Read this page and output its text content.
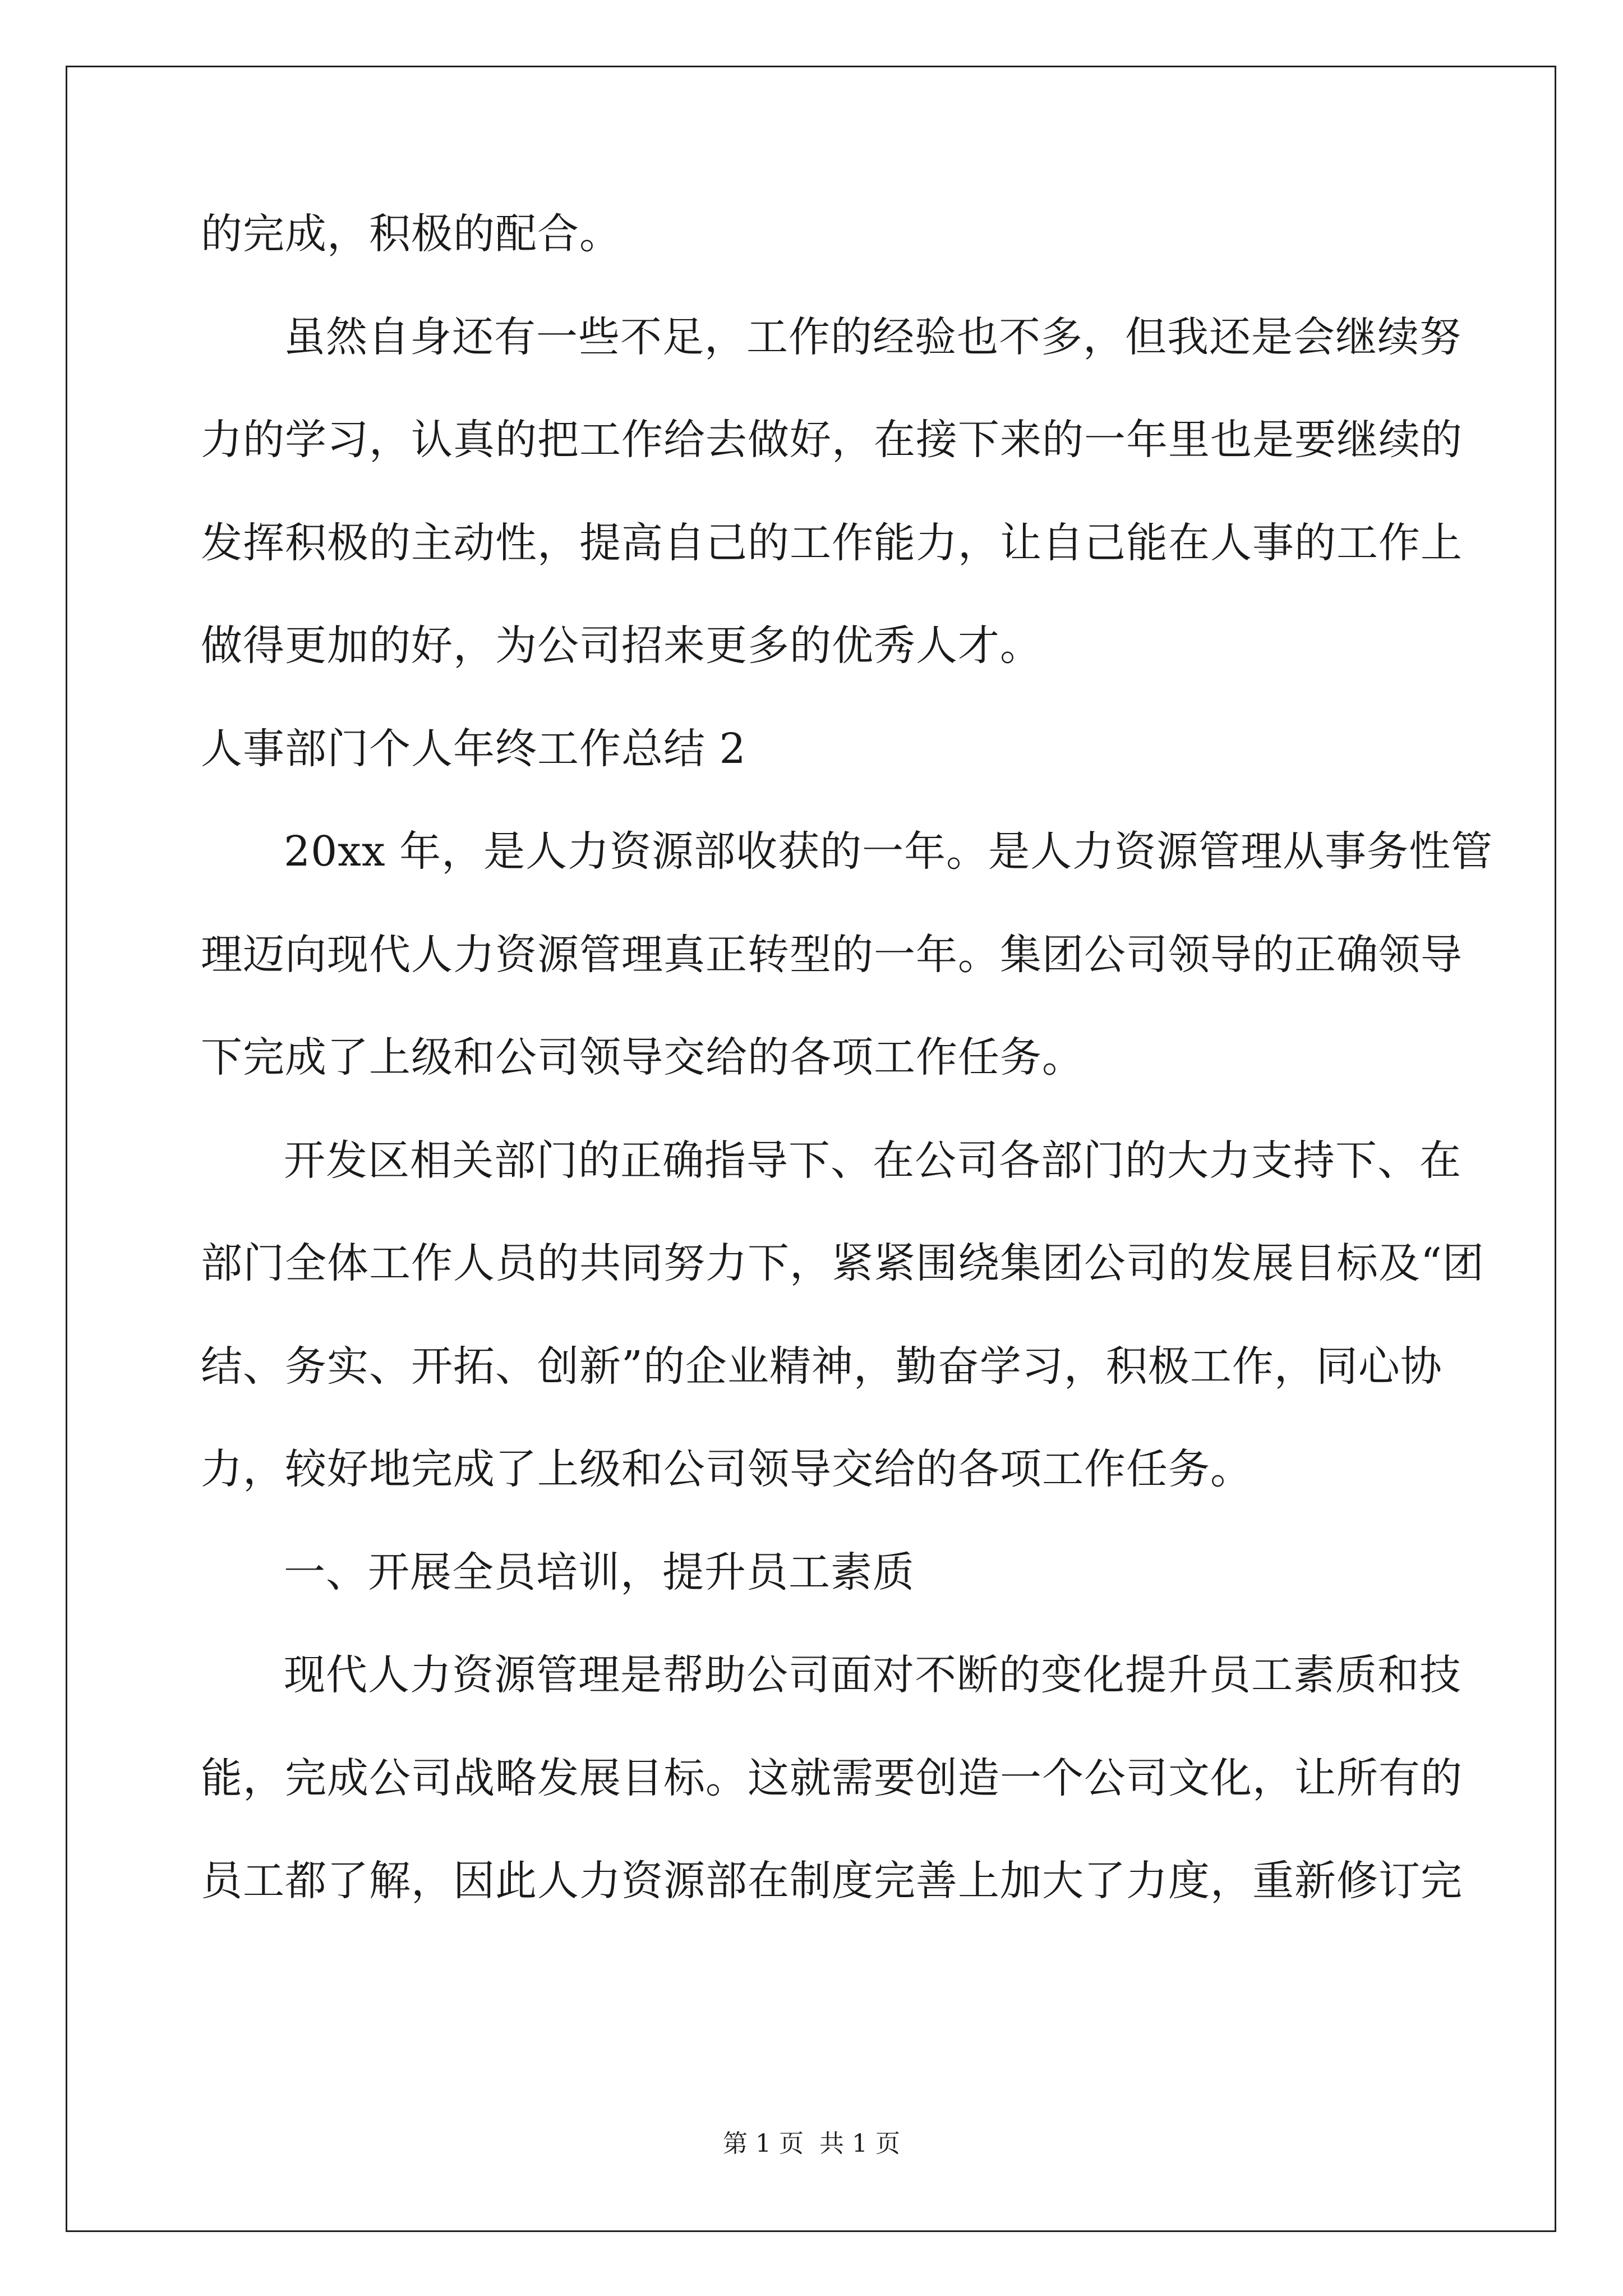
的完成，积极的配合。
虽然自身还有一些不足，工作的经验也不多，但我还是会继续努
力的学习，认真的把工作给去做好，在接下来的一年里也是要继续的
发挥积极的主动性，提高自己的工作能力，让自己能在人事的工作上
做得更加的好，为公司招来更多的优秀人才。
人事部门个人年终工作总结 2
20xx 年，是人力资源部收获的一年。是人力资源管理从事务性管
理迈向现代人力资源管理真正转型的一年。集团公司领导的正确领导
下完成了上级和公司领导交给的各项工作任务。
开发区相关部门的正确指导下、在公司各部门的大力支持下、在
部门全体工作人员的共同努力下，紧紧围绕集团公司的发展目标及“团
结、务实、开拓、创新”的企业精神，勤奋学习，积极工作，同心协
力，较好地完成了上级和公司领导交给的各项工作任务。
一、开展全员培训，提升员工素质
现代人力资源管理是帮助公司面对不断的变化提升员工素质和技
能，完成公司战略发展目标。这就需要创造一个公司文化，让所有的
员工都了解，因此人力资源部在制度完善上加大了力度，重新修订完
第 1 页 共 1 页
